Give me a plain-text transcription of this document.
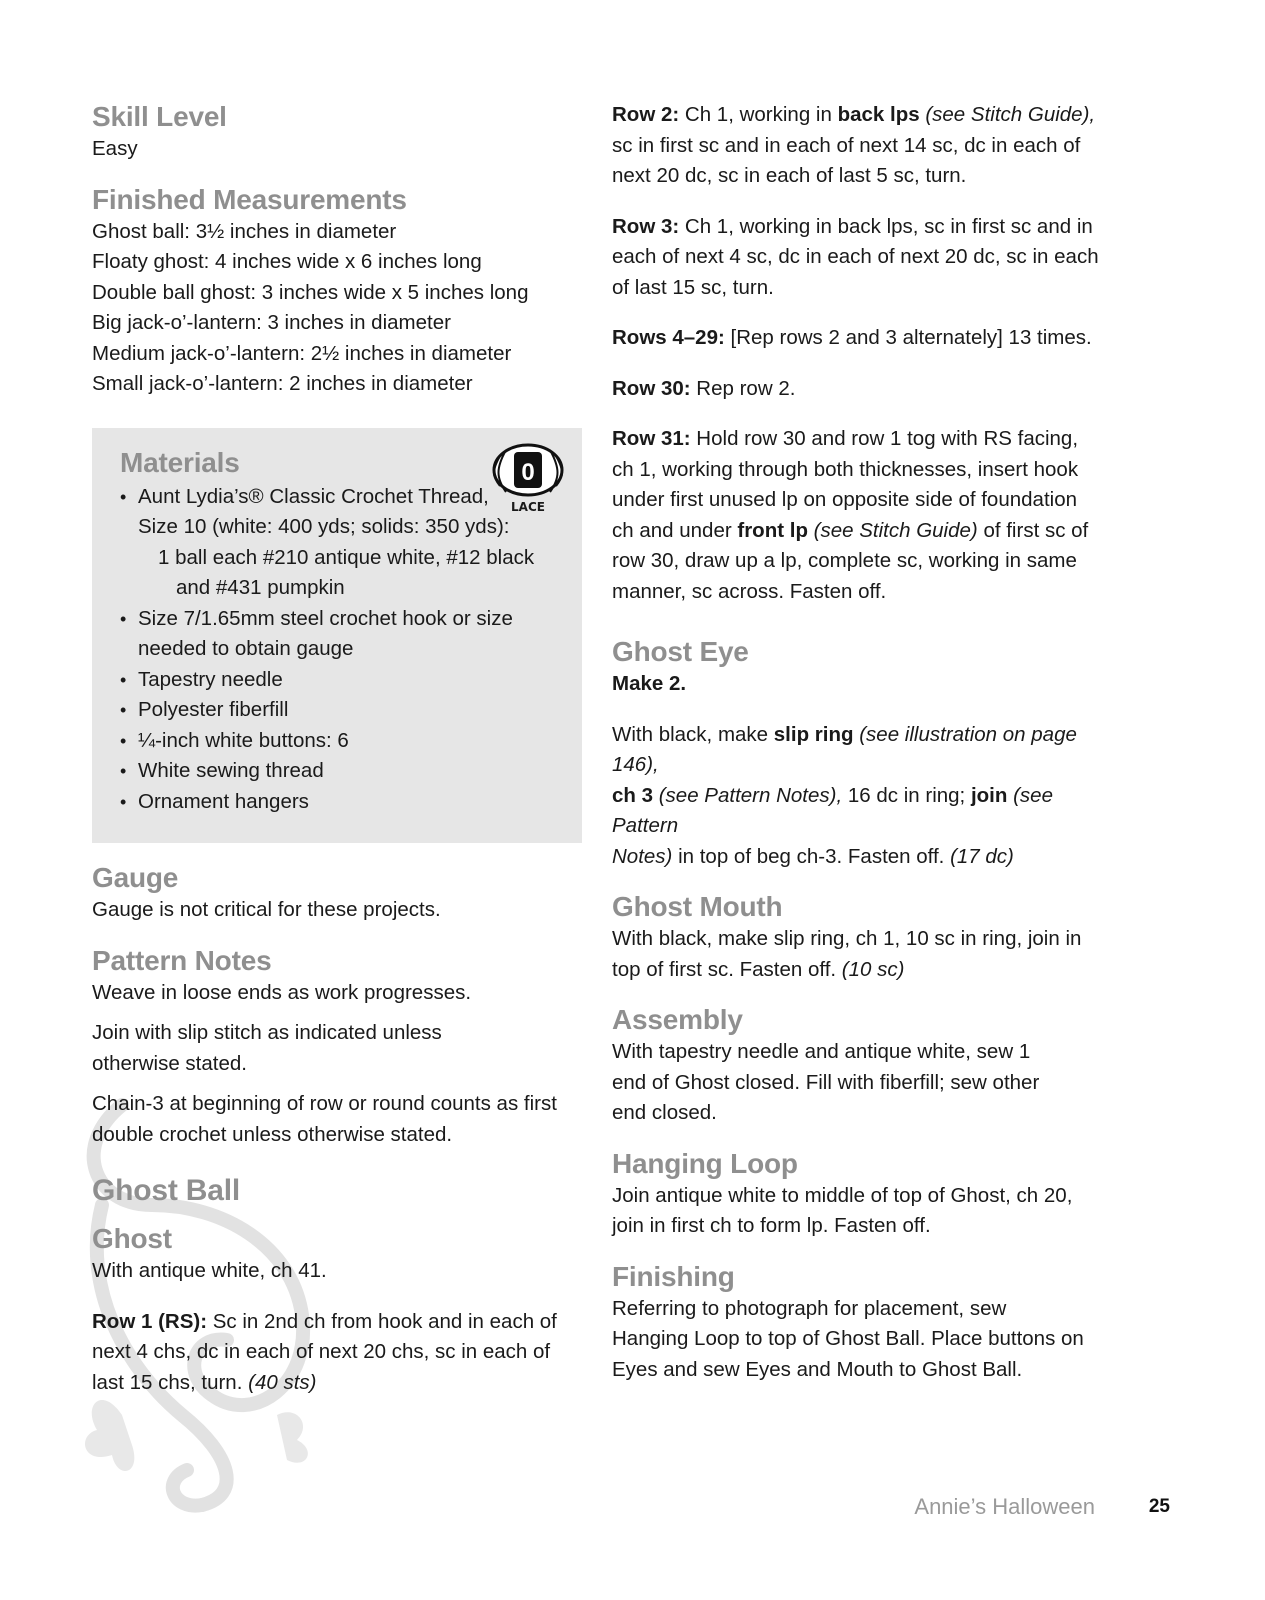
Skill Level

Easy

Finished Measurements

Ghost ball: 3½ inches in diameter

Floaty ghost: 4 inches wide x 6 inches long

Double ball ghost: 3 inches wide x 5 inches long

Big jack-o’-lantern: 3 inches in diameter

Medium jack-o’-lantern: 2½ inches in diameter

Small jack-o’-lantern: 2 inches in diameter

Materials	0
LACE
• Aunt Lydia’s® Classic Crochet Thread,
Size 10 (white: 400 yds; solids: 350 yds):
1 ball each #210 antique white, #12 black
and #431 pumpkin
• Size 7/1.65mm steel crochet hook or size
needed to obtain gauge
• Tapestry needle
• Polyester fiberfill
• ¼-inch white buttons: 6
• White sewing thread
• Ornament hangers
Gauge

Gauge is not critical for these projects.

Pattern Notes

Weave in loose ends as work progresses.

Join with slip stitch as indicated unless
otherwise stated.

Chain-3 at beginning of row or round counts as first
double crochet unless otherwise stated.

Ghost Ball
Ghost

With antique white, ch 41.

Row 1 (RS): Sc in 2nd ch from hook and in each of
next 4 chs, dc in each of next 20 chs, sc in each of
last 15 chs, turn. (40 sts)

Row 2: Ch 1, working in back lps (see Stitch Guide),
sc in first sc and in each of next 14 sc, dc in each of
next 20 dc, sc in each of last 5 sc, turn.

Row 3: Ch 1, working in back lps, sc in first sc and in
each of next 4 sc, dc in each of next 20 dc, sc in each
of last 15 sc, turn.

Rows 4–29: [Rep rows 2 and 3 alternately] 13 times.

Row 30: Rep row 2.

Row 31: Hold row 30 and row 1 tog with RS facing,
ch 1, working through both thicknesses, insert hook
under first unused lp on opposite side of foundation
ch and under front lp (see Stitch Guide) of first sc of
row 30, draw up a lp, complete sc, working in same
manner, sc across. Fasten off.

Ghost Eye

Make 2.

With black, make slip ring (see illustration on page 146),
ch 3 (see Pattern Notes), 16 dc in ring; join (see Pattern
Notes) in top of beg ch-3. Fasten off. (17 dc)

Ghost Mouth

With black, make slip ring, ch 1, 10 sc in ring, join in
top of first sc. Fasten off. (10 sc)

Assembly

With tapestry needle and antique white, sew 1
end of Ghost closed. Fill with fiberfill; sew other
end closed.

Hanging Loop

Join antique white to middle of top of Ghost, ch 20,
join in first ch to form lp. Fasten off.

Finishing

Referring to photograph for placement, sew
Hanging Loop to top of Ghost Ball. Place buttons on
Eyes and sew Eyes and Mouth to Ghost Ball.

Annie’s Halloween	25
